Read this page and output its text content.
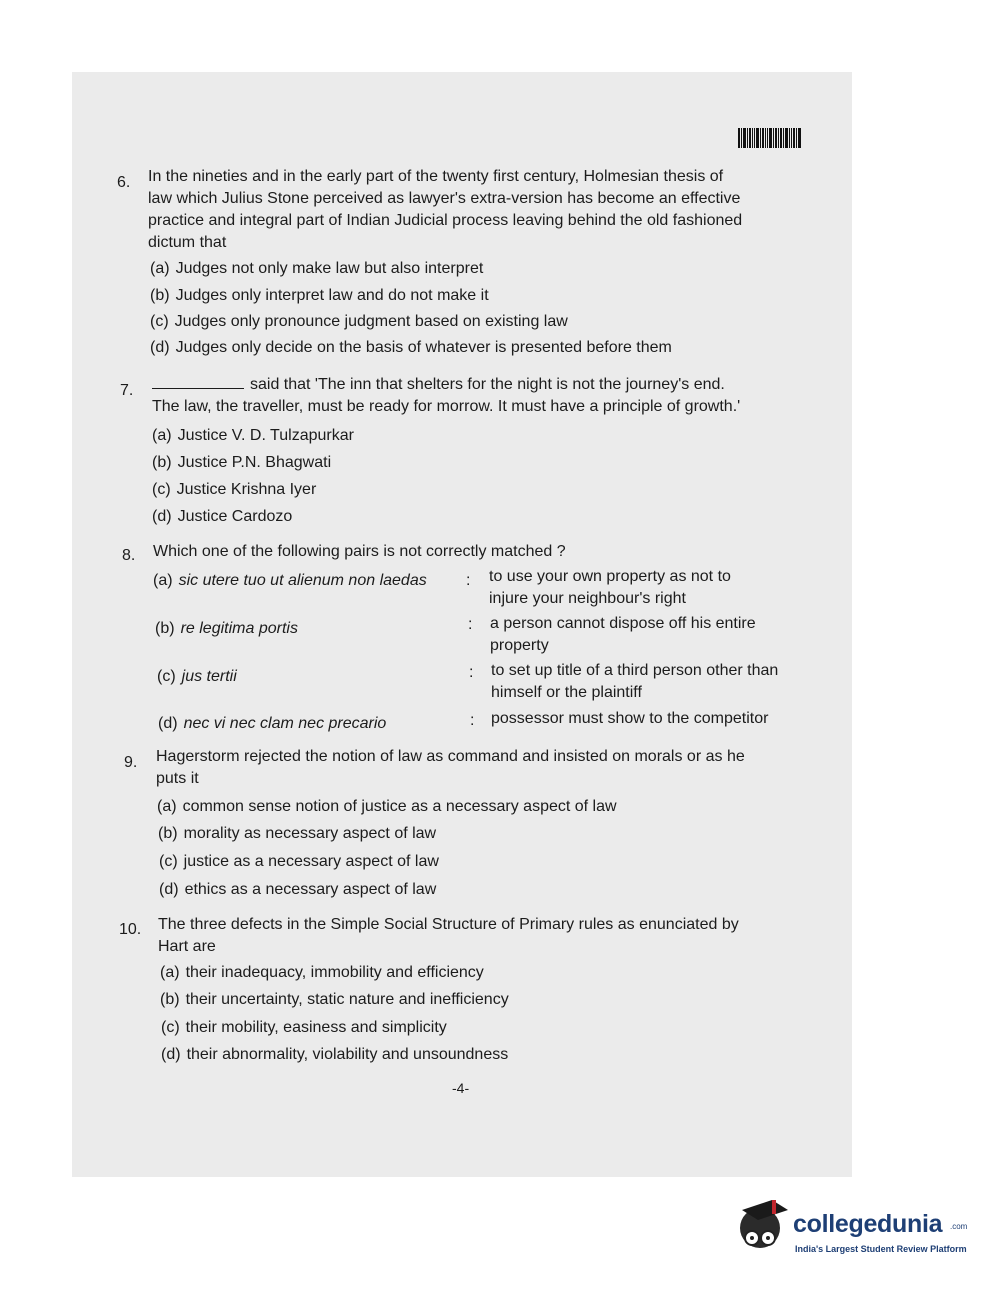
6. In the nineties and in the early part of the twenty first century, Holmesian thesis of
law which Julius Stone perceived as lawyer's extra-version has become an effective
practice and integral part of Indian Judicial process leaving behind the old fashioned
dictum that
(a) Judges not only make law but also interpret
(b) Judges only interpret law and do not make it
(c) Judges only pronounce judgment based on existing law
(d) Judges only decide on the basis of whatever is presented before them
7.	said that 'The inn that shelters for the night is not the journey's end.
The law, the traveller, must be ready for morrow. It must have a principle of growth.'
(a) Justice V. D. Tulzapurkar
(b) Justice P.N. Bhagwati
(c) Justice Krishna Iyer
(d) Justice Cardozo
8. Which one of the following pairs is not correctly matched ?
(a) sic utere tuo ut alienum non laedas : to use your own property as not to
injure your neighbour's right
(b) re legitima portis	: a person cannot dispose off his entire
property
(c) jus tertii	: to set up title of a third person other than
himself or the plaintiff
(d) nec vi nec clam nec precario	: possessor must show to the competitor
9. Hagerstorm rejected the notion of law as command and insisted on morals or as he
puts it
(a) common sense notion of justice as a necessary aspect of law
(b) morality as necessary aspect of law
(c) justice as a necessary aspect of law
(d) ethics as a necessary aspect of law
10. The three defects in the Simple Social Structure of Primary rules as enunciated by
Hart are
(a) their inadequacy, immobility and efficiency
(b) their uncertainty, static nature and inefficiency
(c) their mobility, easiness and simplicity
(d) their abnormality, violability and unsoundness
-4-
collegedunia .com
India's Largest Student Review Platform
